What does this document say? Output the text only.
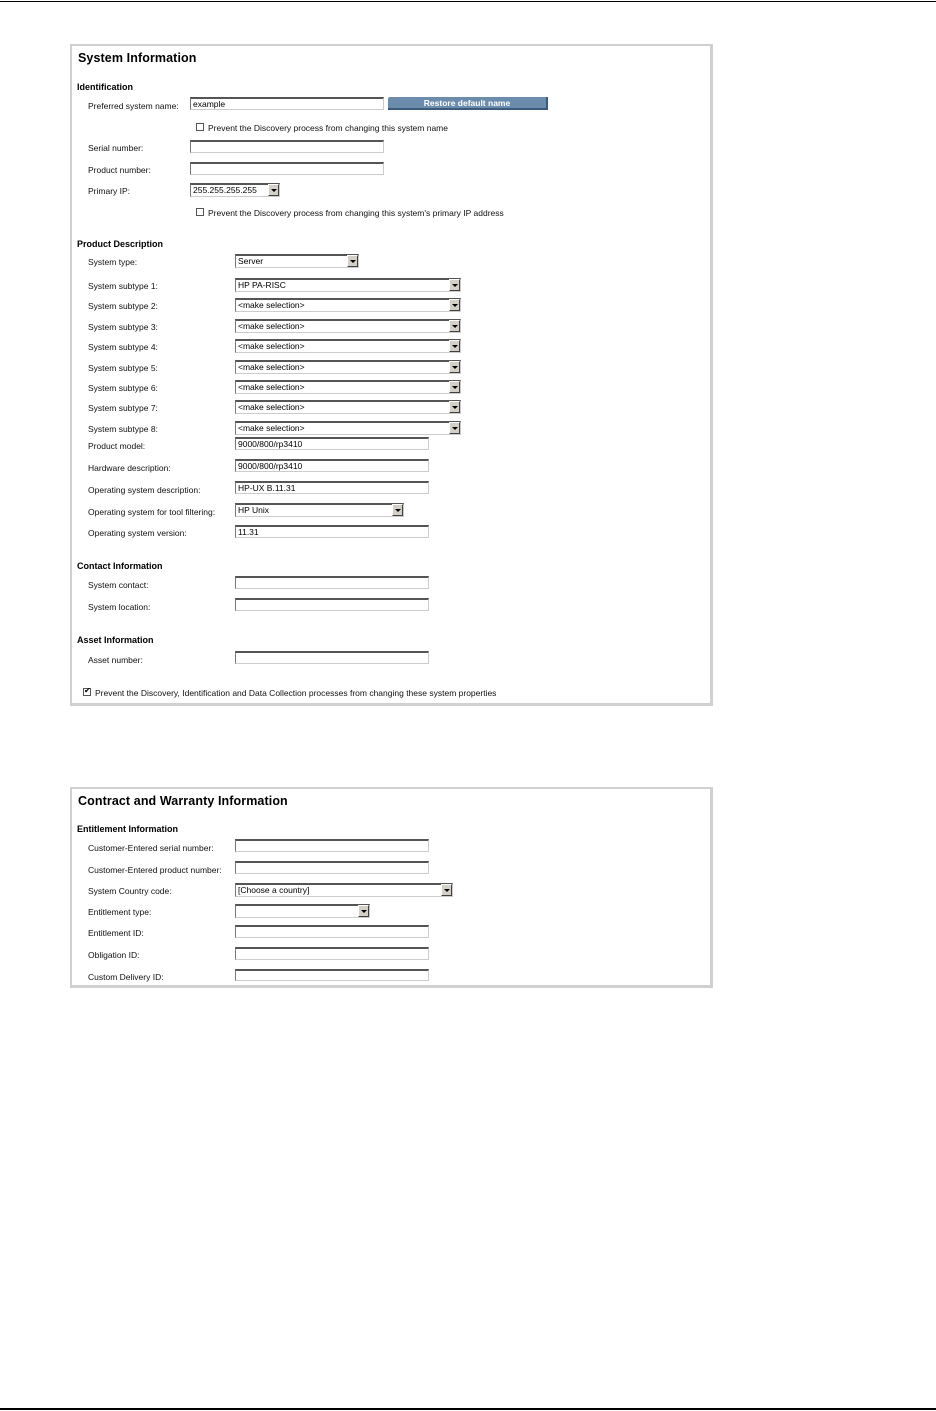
System Information
Identification
Preferred system name:	example	Restore default name
Prevent the Discovery process from changing this system name
Serial number:
Product number:
Primary IP:	255.255.255.255
Prevent the Discovery process from changing this system's primary IP address
Product Description
System type:	Server
System subtype 1:	HP PA-RISC
System subtype 2:	<make selection>
System subtype 3:	<make selection>
System subtype 4:	<make selection>
System subtype 5:	<make selection>
System subtype 6:	<make selection>
System subtype 7:	<make selection>
System subtype 8:	<make selection>
Product model:	9000/800/rp3410
Hardware description:	9000/800/rp3410
Operating system description:	HP-UX B.11.31
Operating system for tool filtering:	HP Unix
Operating system version:	11.31
Contact Information
System contact:
System location:
Asset Information
Asset number:
✔
Prevent the Discovery, Identification and Data Collection processes from changing these system properties
Contract and Warranty Information
Entitlement Information
Customer-Entered serial number:
Customer-Entered product number:
System Country code:	[Choose a country]
Entitlement type:
Entitlement ID:
Obligation ID:
Custom Delivery ID:
